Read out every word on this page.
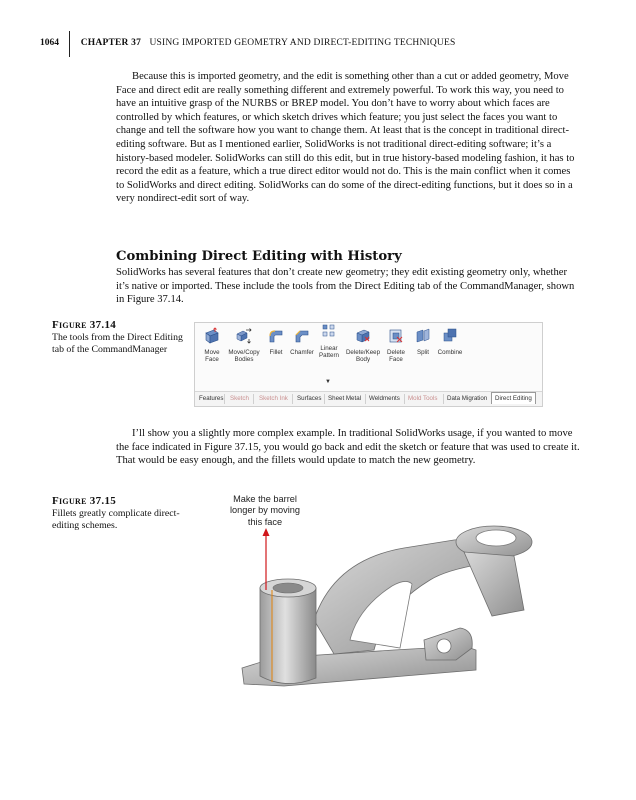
1064 CHAPTER 37 USING IMPORTED GEOMETRY AND DIRECT-EDITING TECHNIQUES

Because this is imported geometry, and the edit is something other than a cut or added geometry, Move Face and direct edit are really something different and extremely powerful. To work this way, you need to have an intuitive grasp of the NURBS or BREP model. You don’t have to worry about which faces are controlled by which features, or which sketch drives which feature; you just select the faces you want to change and tell the software how you want to change them. At least that is the concept in traditional direct-editing software. But as I mentioned earlier, SolidWorks is not traditional direct-editing software; it’s a history-based modeler. SolidWorks can still do this edit, but in true history-based modeling fashion, it has to record the edit as a feature, which a true direct editor would not do. This is the main conflict when it comes to SolidWorks and direct editing. SolidWorks can do some of the direct-editing functions, but it does so in a very nondirect-edit sort of way.

Combining Direct Editing with History

SolidWorks has several features that don’t create new geometry; they edit existing geometry only, whether it’s native or imported. These include the tools from the Direct Editing tab of the CommandManager, shown in Figure 37.14.

Figure 37.14
The tools from the Direct Editing tab of the CommandManager	Move
Face
Move/Copy
Bodies
Fillet	Chamfer
Linear
Pattern	Delete/Keep
Body
Delete
Face
Split	Combine
▼
Features	Sketch	Sketch Ink	Surfaces	Sheet Metal	Weldments	Mold Tools	Data Migration	Direct Editing

I’ll show you a slightly more complex example. In traditional SolidWorks usage, if you wanted to move the face indicated in Figure 37.15, you would go back and edit the sketch or feature that was used to create it. That would be easy enough, and the fillets would update to match the new geometry.

Figure 37.15
Fillets greatly complicate direct-editing schemes.
Make the barrel longer by moving this face
